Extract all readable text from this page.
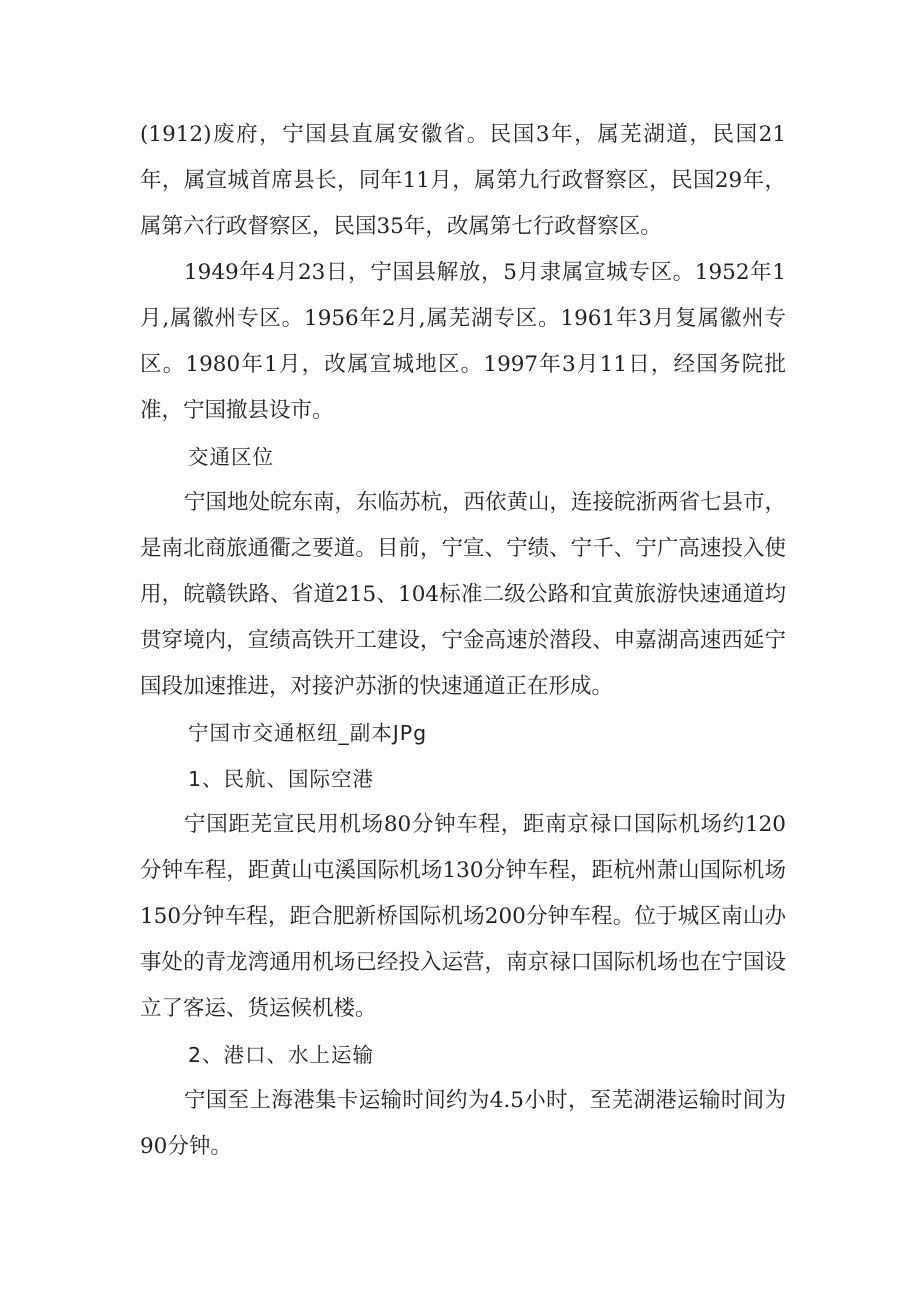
(1912)废府，宁国县直属安徽省。民国3年，属芜湖道，民国21年，属宣城首席县长，同年11月，属第九行政督察区，民国29年，属第六行政督察区，民国35年，改属第七行政督察区。

1949年4月23日，宁国县解放，5月隶属宣城专区。1952年1月,属徽州专区。1956年2月,属芜湖专区。1961年3月复属徽州专区。1980年1月，改属宣城地区。1997年3月11日，经国务院批准，宁国撤县设市。

交通区位

宁国地处皖东南，东临苏杭，西依黄山，连接皖浙两省七县市，是南北商旅通衢之要道。目前，宁宣、宁绩、宁千、宁广高速投入使用，皖赣铁路、省道215、104标准二级公路和宜黄旅游快速通道均贯穿境内，宣绩高铁开工建设，宁金高速於潜段、申嘉湖高速西延宁国段加速推进，对接沪苏浙的快速通道正在形成。

宁国市交通枢纽_副本JPg

1、民航、国际空港

宁国距芜宣民用机场80分钟车程，距南京禄口国际机场约120分钟车程，距黄山屯溪国际机场130分钟车程，距杭州萧山国际机场150分钟车程，距合肥新桥国际机场200分钟车程。位于城区南山办事处的青龙湾通用机场已经投入运营，南京禄口国际机场也在宁国设立了客运、货运候机楼。

2、港口、水上运输

宁国至上海港集卡运输时间约为4.5小时，至芜湖港运输时间为90分钟。
